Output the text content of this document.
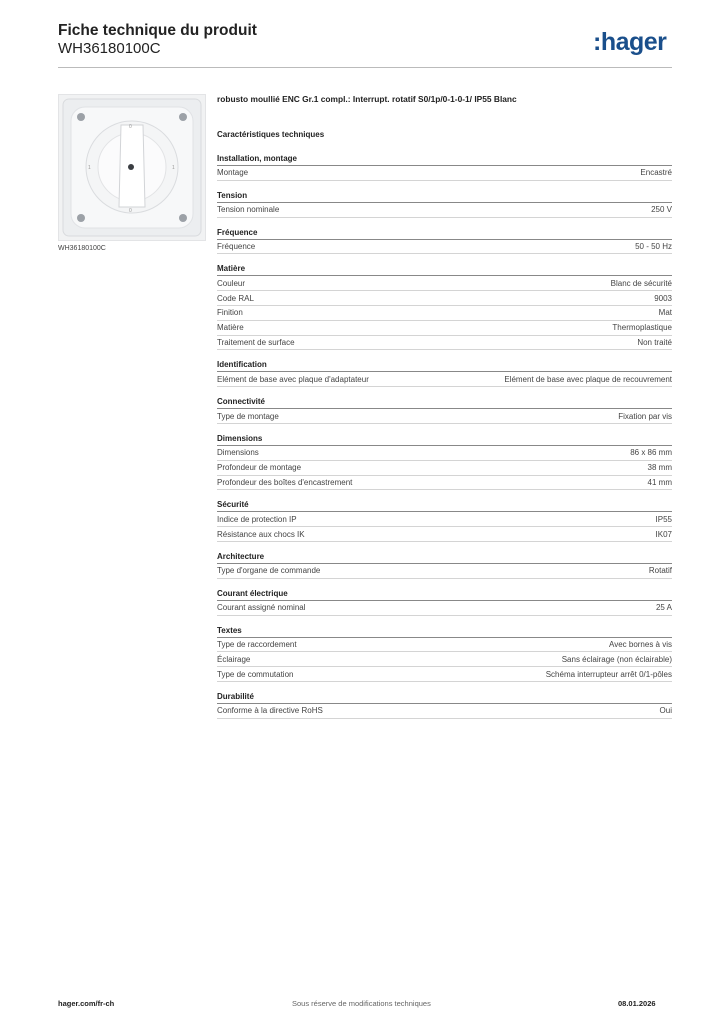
Fiche technique du produit
WH36180100C	:hager
0
1
0
1
WH36180100C
robusto moullié ENC Gr.1 compl.: Interrupt. rotatif S0/1p/0-1-0-1/ IP55 Blanc
Caractéristiques techniques
Installation, montage
Montage	Encastré
Tension
Tension nominale	250 V
Fréquence
Fréquence	50 - 50 Hz
Matière
Couleur	Blanc de sécurité
Code RAL	9003
Finition	Mat
Matière	Thermoplastique
Traitement de surface	Non traité
Identification
Elément de base avec plaque d'adaptateur	Elément de base avec plaque de recouvrement
Connectivité
Type de montage	Fixation par vis
Dimensions
Dimensions	86 x 86 mm
Profondeur de montage	38 mm
Profondeur des boîtes d'encastrement	41 mm
Sécurité
Indice de protection IP	IP55
Résistance aux chocs IK	IK07
Architecture
Type d'organe de commande	Rotatif
Courant électrique
Courant assigné nominal	25 A
Textes
Type de raccordement	Avec bornes à vis
Éclairage	Sans éclairage (non éclairable)
Type de commutation	Schéma interrupteur arrêt 0/1-pôles
Durabilité
Conforme à la directive RoHS	Oui
hager.com/fr-ch	Sous réserve de modifications techniques	08.01.2026
